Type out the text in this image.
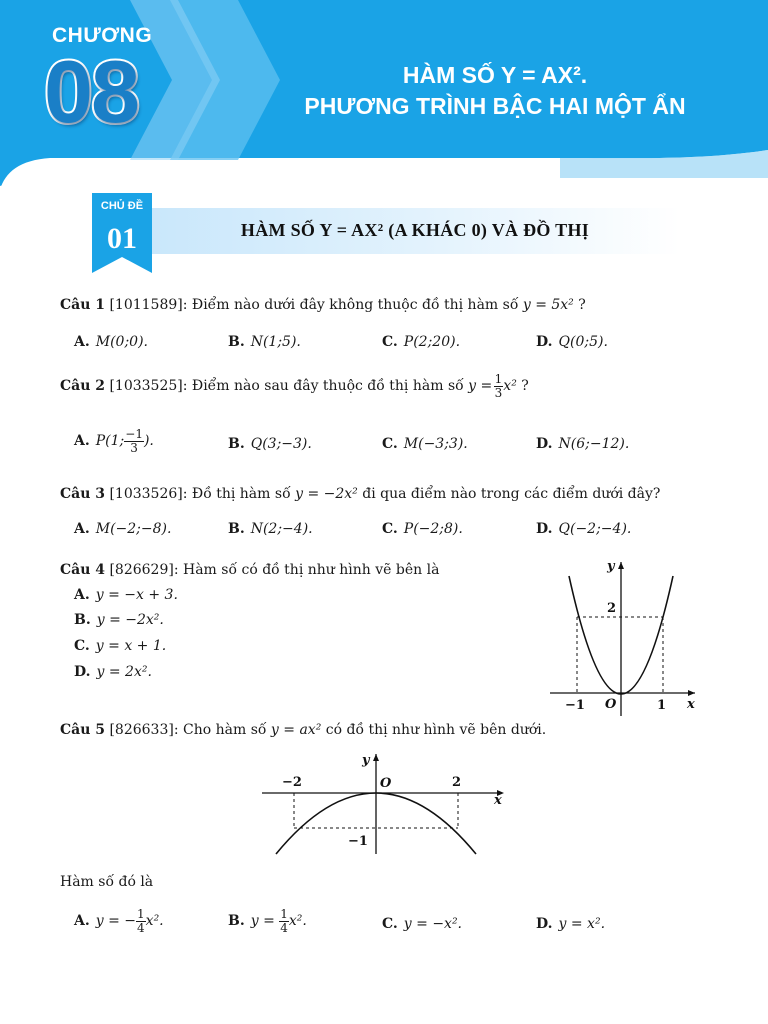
CHƯƠNG
08	HÀM SỐ Y = AX².
PHƯƠNG TRÌNH BẬC HAI MỘT ẨN
CHỦ ĐỀ
01	HÀM SỐ Y = AX² (A KHÁC 0) VÀ ĐỒ THỊ
Câu 1 [1011589]: Điểm nào dưới đây không thuộc đồ thị hàm số y = 5x² ?
A. M(0;0).	B. N(1;5).	C. P(2;20).	D. Q(0;5).
Câu 2 [1033525]: Điểm nào sau đây thuộc đồ thị hàm số y =  $\frac{1}{3} x^2$ ?
A. P(1; $\frac{-1}{3}$ ).	B. Q(3;−3).	C. M(−3;3).	D. N(6;−12).
Câu 3 [1033526]: Đồ thị hàm số y = −2x² đi qua điểm nào trong các điểm dưới đây?
A. M(−2;−8).	B. N(2;−4).	C. P(−2;8).	D. Q(−2;−4).
Câu 4 [826629]: Hàm số có đồ thị như hình vẽ bên là
A. y = −x + 3.
B. y = −2x².
C. y = x + 1.
D. y = 2x².
y
x
O
2
−1	1
Câu 5 [826633]: Cho hàm số y = ax² có đồ thị như hình vẽ bên dưới.
y
x
O
−2	2
−1
Hàm số đó là
A. y = − $\frac{1}{4} x^2$.	B. $y = \frac{1}{4} x^2$.	C. y = −x².	D. y = x².
